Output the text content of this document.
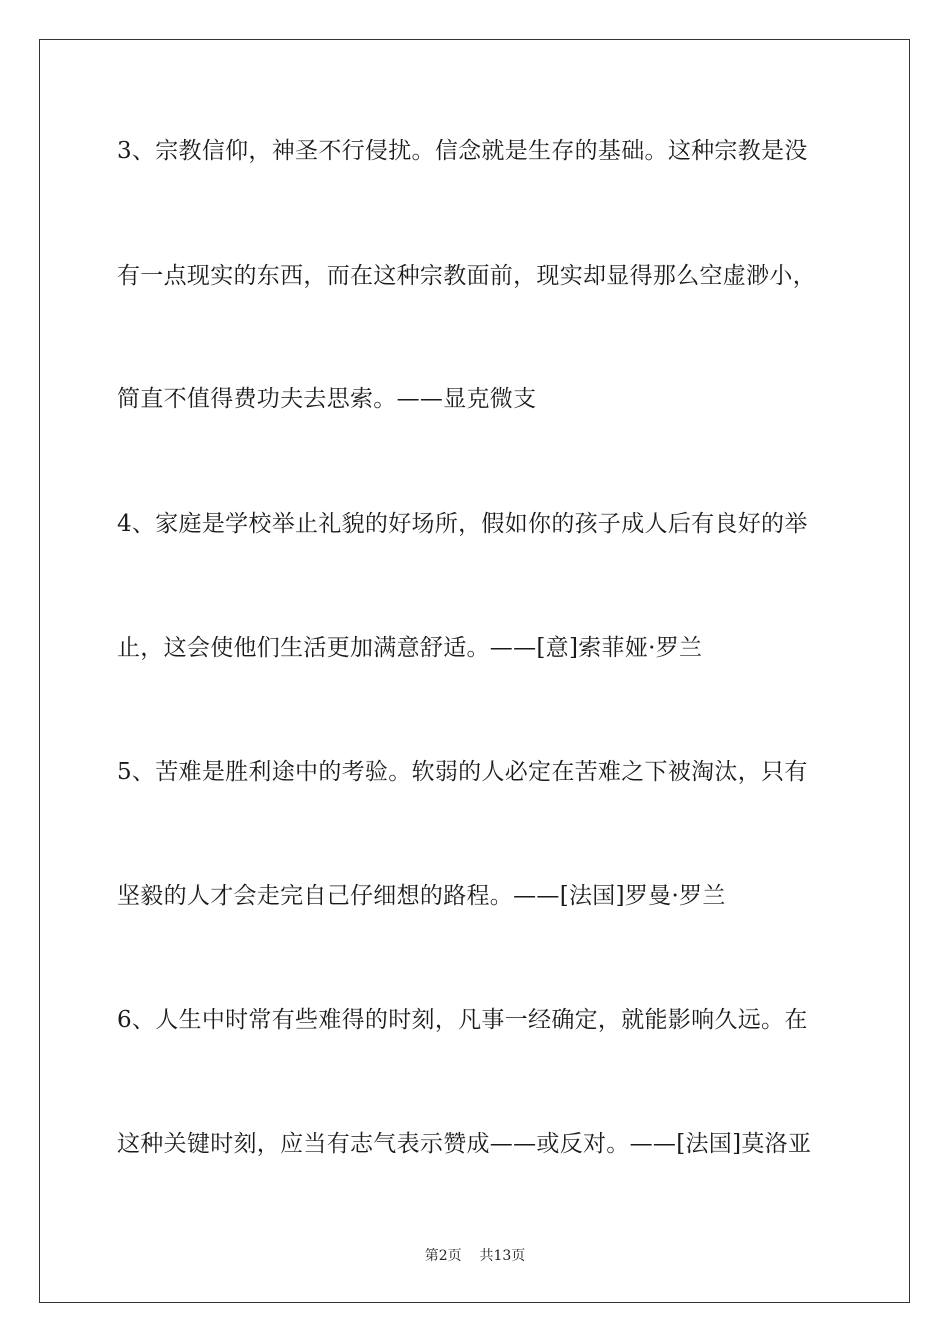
3、宗教信仰，神圣不行侵扰。信念就是生存的基础。这种宗教是没
有一点现实的东西，而在这种宗教面前，现实却显得那么空虚渺小，
简直不值得费功夫去思索。——显克微支
4、家庭是学校举止礼貌的好场所，假如你的孩子成人后有良好的举
止，这会使他们生活更加满意舒适。——[意]索菲娅·罗兰
5、苦难是胜利途中的考验。软弱的人必定在苦难之下被淘汰，只有
坚毅的人才会走完自己仔细想的路程。——[法国]罗曼·罗兰
6、人生中时常有些难得的时刻，凡事一经确定，就能影响久远。在
这种关键时刻，应当有志气表示赞成——或反对。——[法国]莫洛亚
第2页 共13页
